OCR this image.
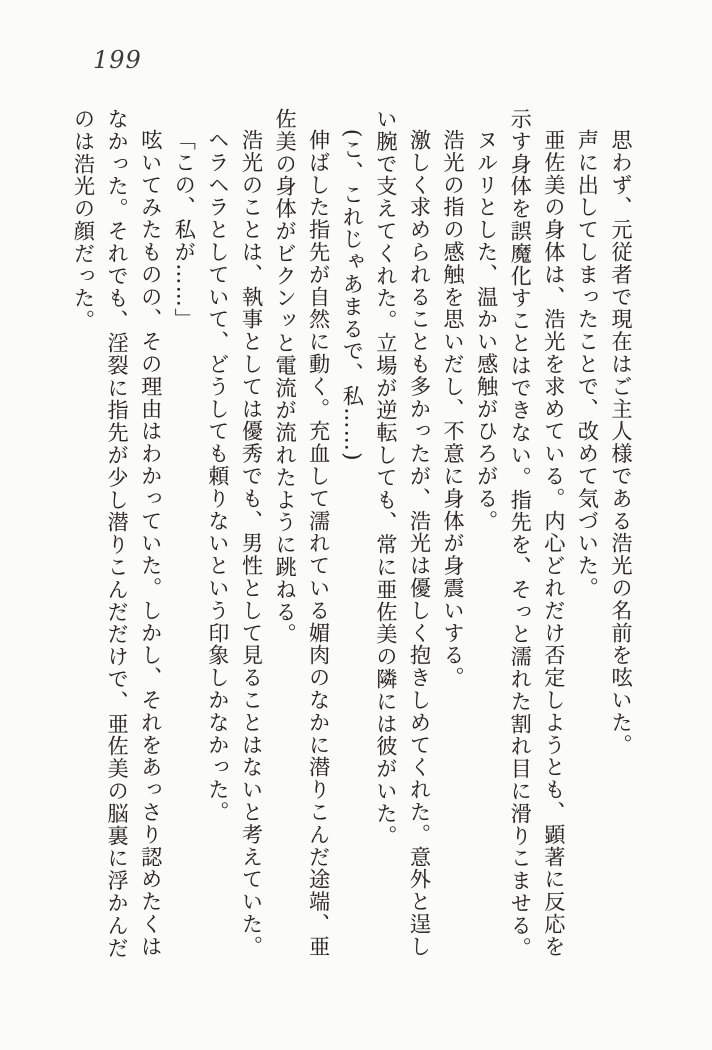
199

思わず、元従者で現在はご主人様である浩光の名前を呟いた。

声に出してしまったことで、改めて気づいた。

亜佐美の身体は、浩光を求めている。内心どれだけ否定しようとも、顕著に反応を示す身体を誤魔化すことはできない。指先を、そっと濡れた割れ目に滑りこませる。

ヌルリとした、温かい感触がひろがる。

浩光の指の感触を思いだし、不意に身体が身震いする。

激しく求められることも多かったが、浩光は優しく抱きしめてくれた。意外と逞しい腕で支えてくれた。立場が逆転しても、常に亜佐美の隣には彼がいた。

(こ、これじゃあまるで、私……)

伸ばした指先が自然に動く。充血して濡れている媚肉のなかに潜りこんだ途端、亜佐美の身体がビクンッと電流が流れたように跳ねる。

浩光のことは、執事としては優秀でも、男性として見ることはないと考えていた。

ヘラヘラとしていて、どうしても頼りないという印象しかなかった。

「この、私が……」

呟いてみたものの、その理由はわかっていた。しかし、それをあっさり認めたくはなかった。それでも、淫裂に指先が少し潜りこんだだけで、亜佐美の脳裏に浮かんだのは浩光の顔だった。
